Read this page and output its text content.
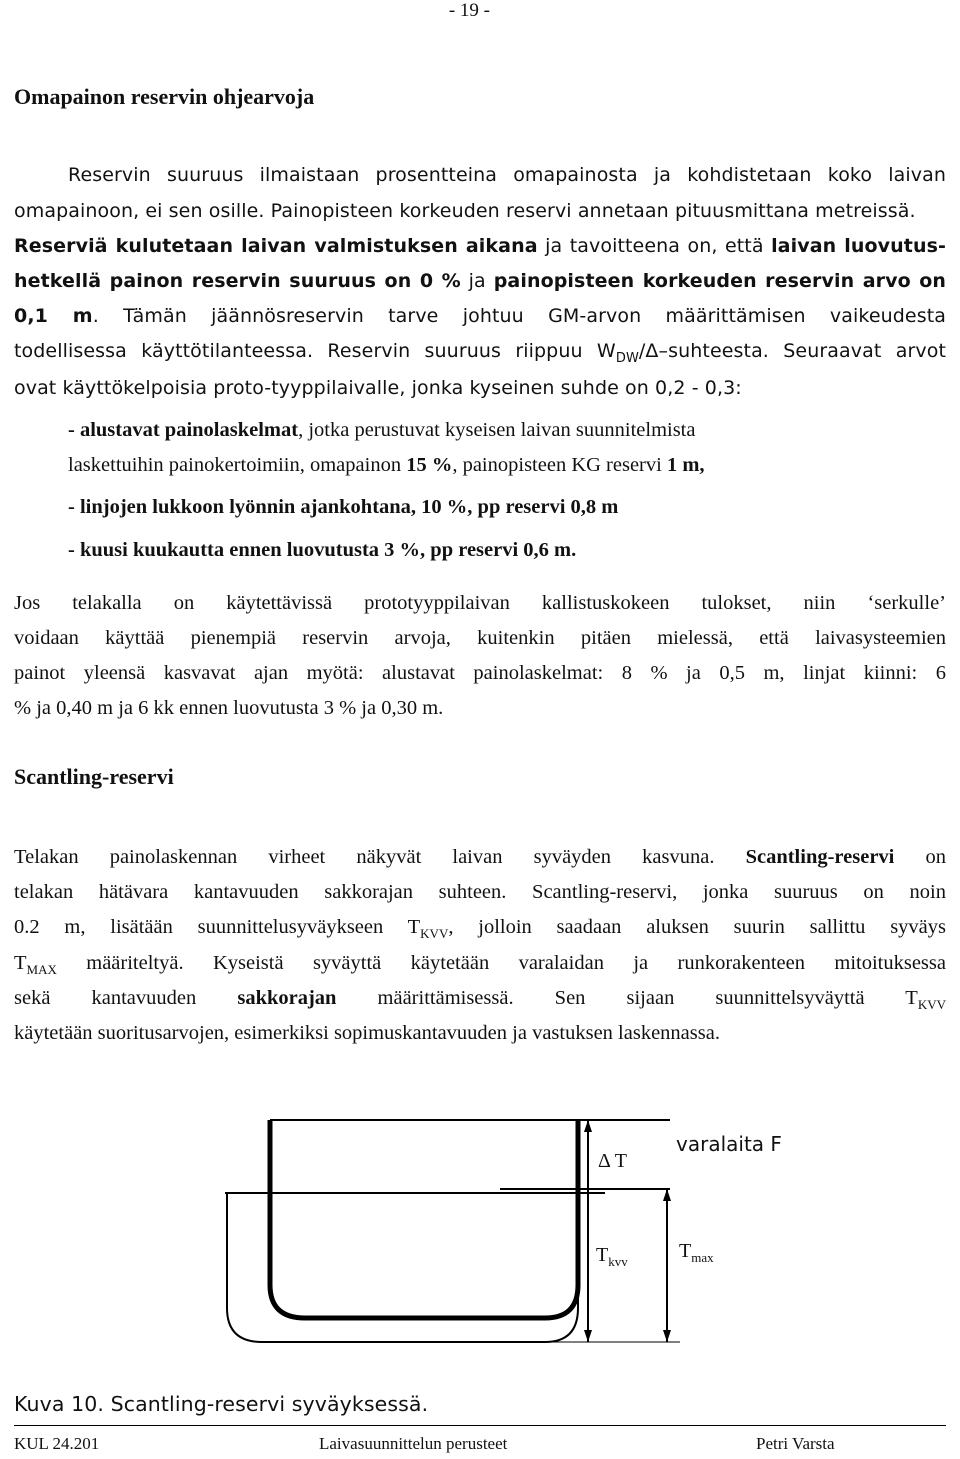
- 19 -
Omapainon reservin ohjearvoja
Reservin suuruus ilmaistaan prosentteina omapainosta ja kohdistetaan koko laivan
omapainoon, ei sen osille. Painopisteen korkeuden reservi annetaan pituusmittana metreissä.
Reserviä kulutetaan laivan valmistuksen aikana ja tavoitteena on, että laivan luovutus-
hetkellä painon reservin suuruus on 0 % ja painopisteen korkeuden reservin arvo on
0,1 m. Tämän jäännösreservin tarve johtuu GM-arvon määrittämisen vaikeudesta
todellisessa käyttötilanteessa. Reservin suuruus riippuu $W_{DW}/\Delta$–suhteesta. Seuraavat arvot
ovat käyttökelpoisia proto-tyyppilaivalle, jonka kyseinen suhde on 0,2 - 0,3:
- alustavat painolaskelmat, jotka perustuvat kyseisen laivan suunnitelmista
laskettuihin painokertoimiin, omapainon 15 %, painopisteen KG reservi 1 m,
- linjojen lukkoon lyönnin ajankohtana, 10 %, pp reservi 0,8 m
- kuusi kuukautta ennen luovutusta 3 %, pp reservi 0,6 m.
Jos telakalla on käytettävissä prototyyppilaivan kallistuskokeen tulokset, niin ‘serkulle’
voidaan käyttää pienempiä reservin arvoja, kuitenkin pitäen mielessä, että laivasysteemien
painot yleensä kasvavat ajan myötä: alustavat painolaskelmat: 8 % ja 0,5 m, linjat kiinni: 6
% ja 0,40 m ja 6 kk ennen luovutusta 3 % ja 0,30 m.
Scantling-reservi
Telakan painolaskennan virheet näkyvät laivan syväyden kasvuna. Scantling-reservi on
telakan hätävara kantavuuden sakkorajan suhteen. Scantling-reservi, jonka suuruus on noin
0.2 m, lisätään suunnittelusyväykseen $T_{KVV}$, jolloin saadaan aluksen suurin sallittu syväys
$T_{MAX}$ määriteltyä. Kyseistä syväyttä käytetään varalaidan ja runkorakenteen mitoituksessa
sekä kantavuuden sakkorajan määrittämisessä. Sen sijaan suunnittelsyväyttä $T_{KVV}$
käytetään suoritusarvojen, esimerkiksi sopimuskantavuuden ja vastuksen laskennassa.
Δ T
varalaita F
$T_{kvv}$	$T_{max}$
Kuva 10. Scantling-reservi syväyksessä.
KUL 24.201	Laivasuunnittelun perusteet	Petri Varsta
